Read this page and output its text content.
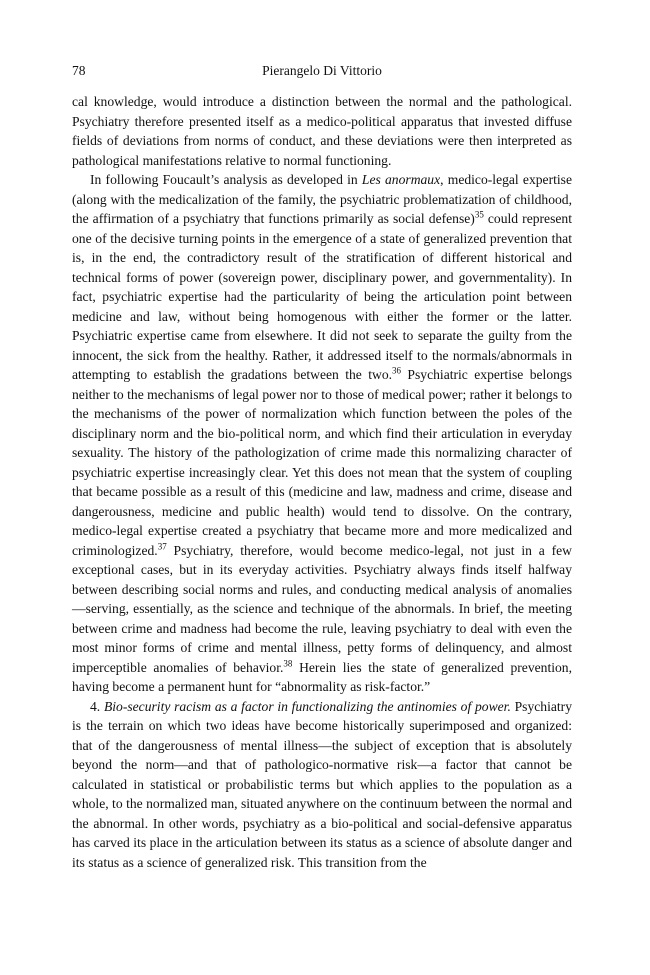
78	Pierangelo Di Vittorio

cal knowledge, would introduce a distinction between the normal and the pathological. Psychiatry therefore presented itself as a medico-political apparatus that invested diffuse fields of deviations from norms of conduct, and these deviations were then interpreted as pathological manifestations relative to normal functioning.

In following Foucault’s analysis as developed in Les anormaux, medico-legal expertise (along with the medicalization of the family, the psychiatric problematization of childhood, the affirmation of a psychiatry that functions primarily as social defense)$^{35}$ could represent one of the decisive turning points in the emergence of a state of generalized prevention that is, in the end, the contradictory result of the stratification of different historical and technical forms of power (sovereign power, disciplinary power, and governmentality). In fact, psychiatric expertise had the particularity of being the articulation point between medicine and law, without being homogenous with either the former or the latter. Psychiatric expertise came from elsewhere. It did not seek to separate the guilty from the innocent, the sick from the healthy. Rather, it addressed itself to the normals/abnormals in attempting to establish the gradations between the two.$^{36}$ Psychiatric expertise belongs neither to the mechanisms of legal power nor to those of medical power; rather it belongs to the mechanisms of the power of normalization which function between the poles of the disciplinary norm and the bio-political norm, and which find their articulation in everyday sexuality. The history of the pathologization of crime made this normalizing character of psychiatric expertise increasingly clear. Yet this does not mean that the system of coupling that became possible as a result of this (medicine and law, madness and crime, disease and dangerousness, medicine and public health) would tend to dissolve. On the contrary, medico-legal expertise created a psychiatry that became more and more medicalized and criminologized.$^{37}$ Psychiatry, therefore, would become medico-legal, not just in a few exceptional cases, but in its everyday activities. Psychiatry always finds itself halfway between describing social norms and rules, and conducting medical analysis of anomalies—serving, essentially, as the science and technique of the abnormals. In brief, the meeting between crime and madness had become the rule, leaving psychiatry to deal with even the most minor forms of crime and mental illness, petty forms of delinquency, and almost imperceptible anomalies of behavior.$^{38}$ Herein lies the state of generalized prevention, having become a permanent hunt for “abnormality as risk-factor.”

4. Bio-security racism as a factor in functionalizing the antinomies of power. Psychiatry is the terrain on which two ideas have become historically superimposed and organized: that of the dangerousness of mental illness—the subject of exception that is absolutely beyond the norm—and that of pathologico-normative risk—a factor that cannot be calculated in statistical or probabilistic terms but which applies to the population as a whole, to the normalized man, situated anywhere on the continuum between the normal and the abnormal. In other words, psychiatry as a bio-political and social-defensive apparatus has carved its place in the articulation between its status as a science of absolute danger and its status as a science of generalized risk. This transition from the
